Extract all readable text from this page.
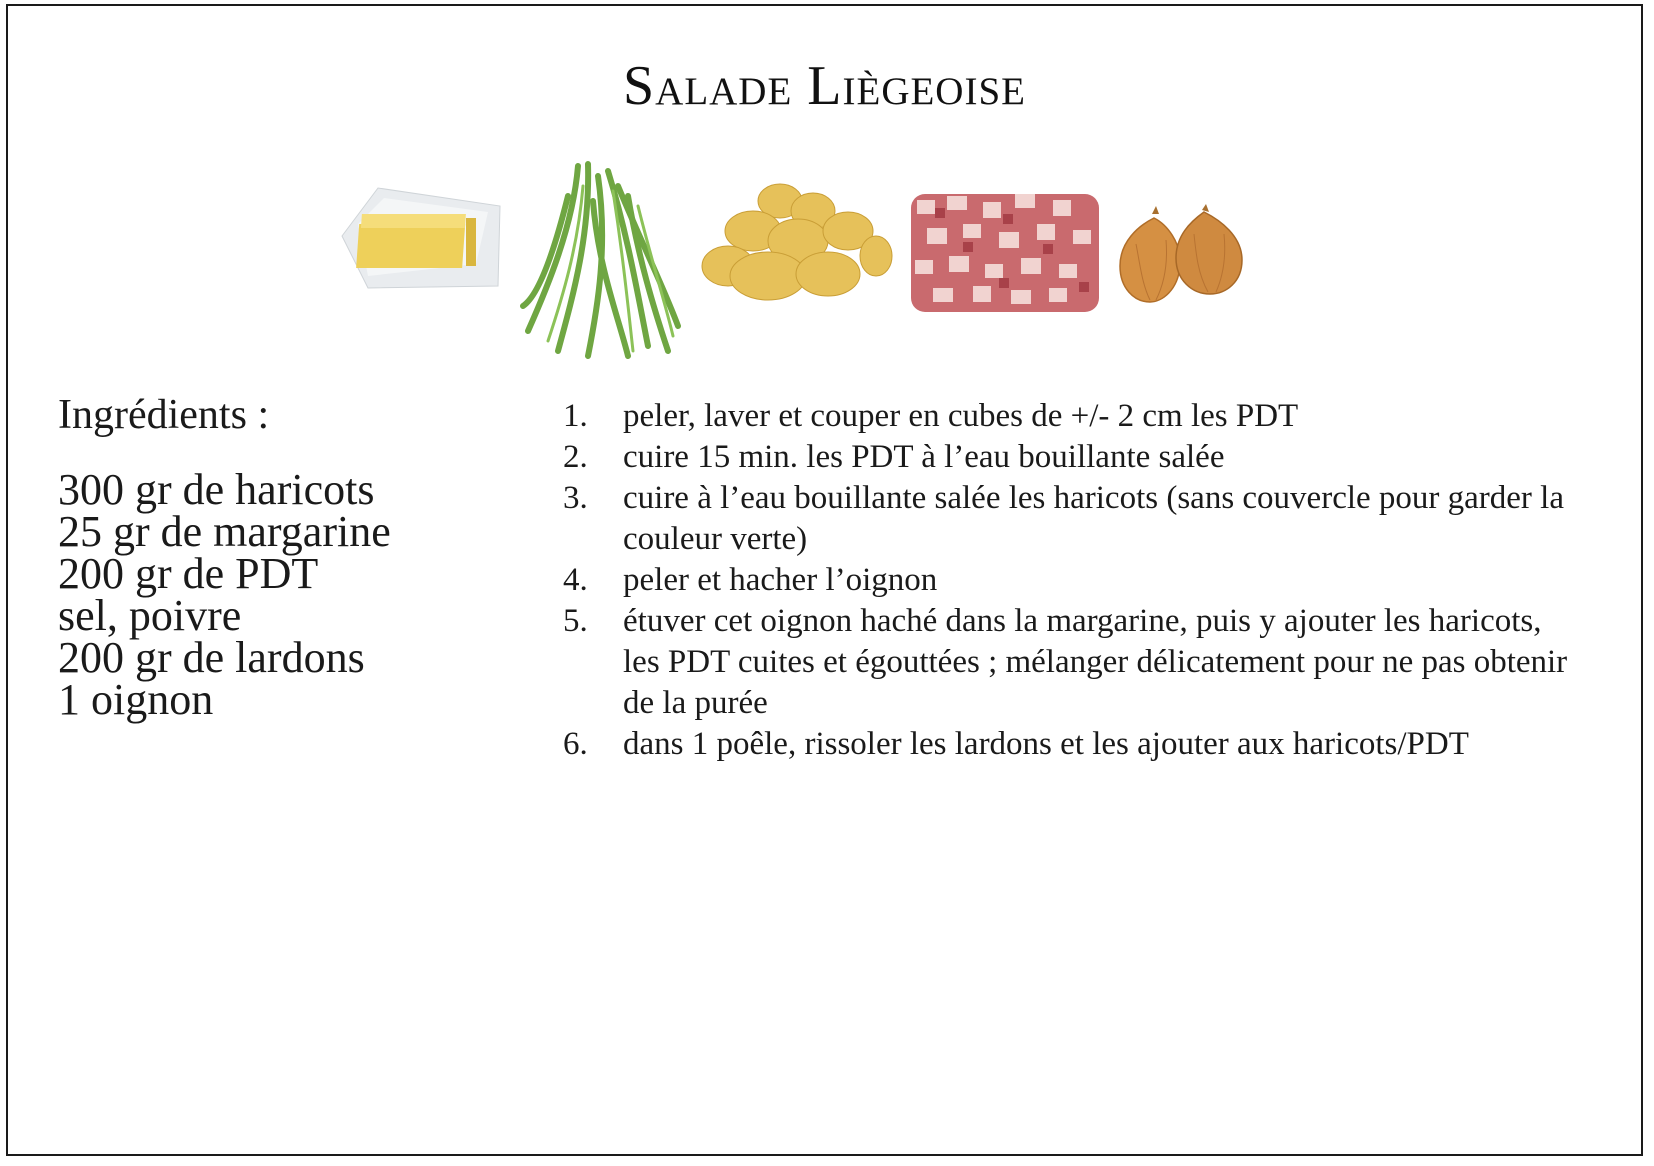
Salade Liègeoise
Ingrédients :
300 gr de haricots
25 gr de margarine
200 gr de PDT
sel, poivre
200 gr de lardons
1 oignon
1. peler, laver et couper en cubes de +/- 2 cm les PDT
2. cuire 15 min. les PDT à l’eau bouillante salée
3. cuire à l’eau bouillante salée les haricots (sans couvercle pour garder la couleur verte)
4. peler et hacher l’oignon
5. étuver cet oignon haché dans la margarine, puis y ajouter les haricots, les PDT cuites et égouttées ; mélanger délicatement pour ne pas obtenir de la purée
6. dans 1 poêle, rissoler les lardons et les ajouter aux haricots/PDT
